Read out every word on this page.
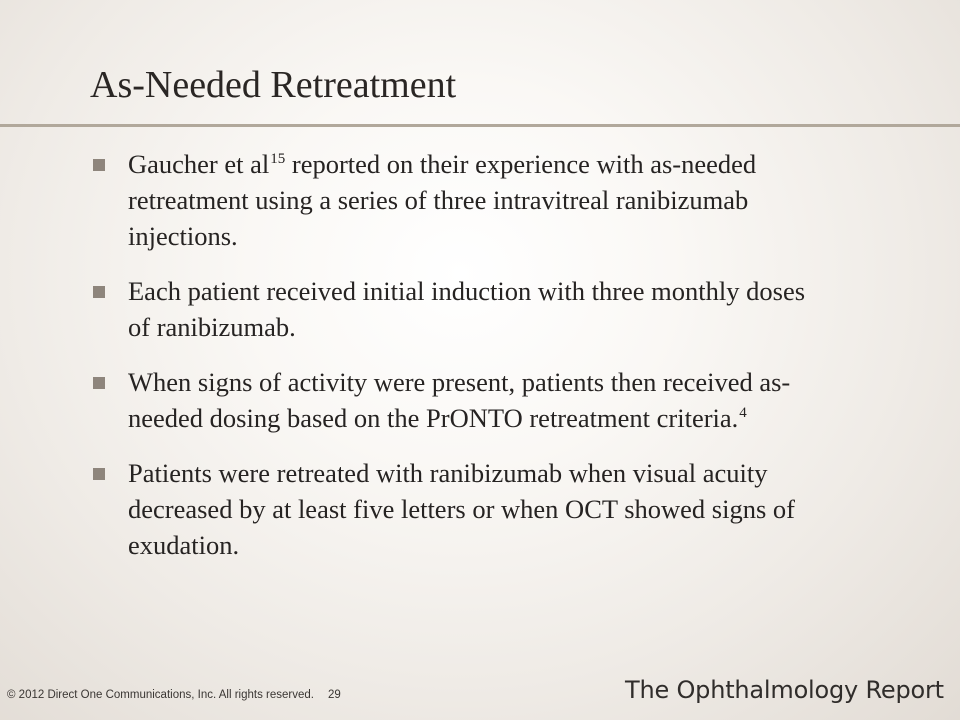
As-Needed Retreatment
Gaucher et al$^{15}$ reported on their experience with as-needed retreatment using a series of three intravitreal ranibizumab injections.
Each patient received initial induction with three monthly doses of ranibizumab.
When signs of activity were present, patients then received as-needed dosing based on the PrONTO retreatment criteria.$^4$
Patients were retreated with ranibizumab when visual acuity decreased by at least five letters or when OCT showed signs of exudation.
© 2012 Direct One Communications, Inc. All rights reserved. 29	The Ophthalmology Report
